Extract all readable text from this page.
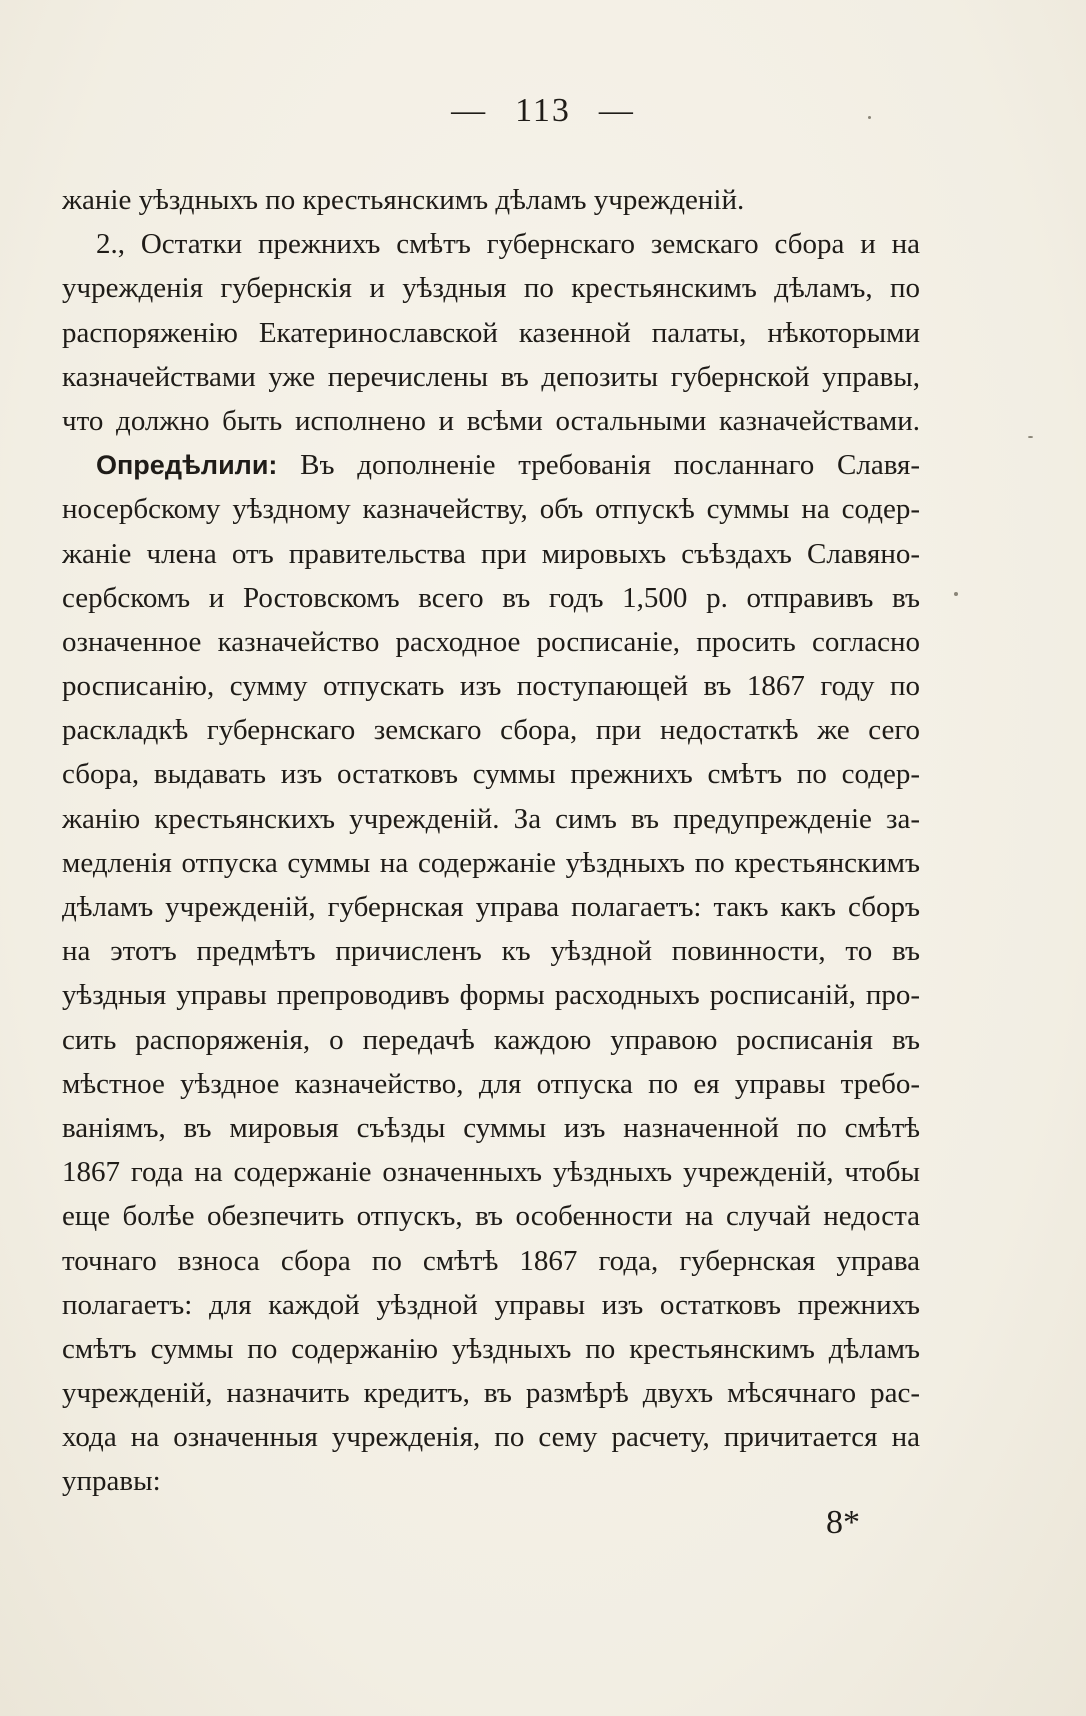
— 113 —
жаніе уѣздныхъ по крестьянскимъ дѣламъ учрежденій.
2., Остатки прежнихъ смѣтъ губернскаго земскаго сбора и на
учрежденія губернскія и уѣздныя по крестьянскимъ дѣламъ, по
распоряженію Екатеринославской казенной палаты, нѣкоторыми
казначействами уже перечислены въ депозиты губернской управы,
что должно быть исполнено и всѣми остальными казначействами.
Опредѣлили: Въ дополненіе требованія посланнаго Славя-
носербскому уѣздному казначейству, объ отпускѣ суммы на содер-
жаніе члена отъ правительства при мировыхъ съѣздахъ Славяно-
сербскомъ и Ростовскомъ всего въ годъ 1,500 р. отправивъ въ
означенное казначейство расходное росписаніе, просить согласно
росписанію, сумму отпускать изъ поступающей въ 1867 году по
раскладкѣ губернскаго земскаго сбора, при недостаткѣ же сего
сбора, выдавать изъ остатковъ суммы прежнихъ смѣтъ по содер-
жанію крестьянскихъ учрежденій. За симъ въ предупрежденіе за-
медленія отпуска суммы на содержаніе уѣздныхъ по крестьянскимъ
дѣламъ учрежденій, губернская управа полагаетъ: такъ какъ сборъ
на этотъ предмѣтъ причисленъ къ уѣздной повинности, то въ
уѣздныя управы препроводивъ формы расходныхъ росписаній, про-
сить распоряженія, о передачѣ каждою управою росписанія въ
мѣстное уѣздное казначейство, для отпуска по ея управы требо-
ваніямъ, въ мировыя съѣзды суммы изъ назначенной по смѣтѣ
1867 года на содержаніе означенныхъ уѣздныхъ учрежденій, чтобы
еще болѣе обезпечить отпускъ, въ особенности на случай недоста
точнаго взноса сбора по смѣтѣ 1867 года, губернская управа
полагаетъ: для каждой уѣздной управы изъ остатковъ прежнихъ
смѣтъ суммы по содержанію уѣздныхъ по крестьянскимъ дѣламъ
учрежденій, назначить кредитъ, въ размѣрѣ двухъ мѣсячнаго рас-
хода на означенныя учрежденія, по сему расчету, причитается на
управы:
8*
